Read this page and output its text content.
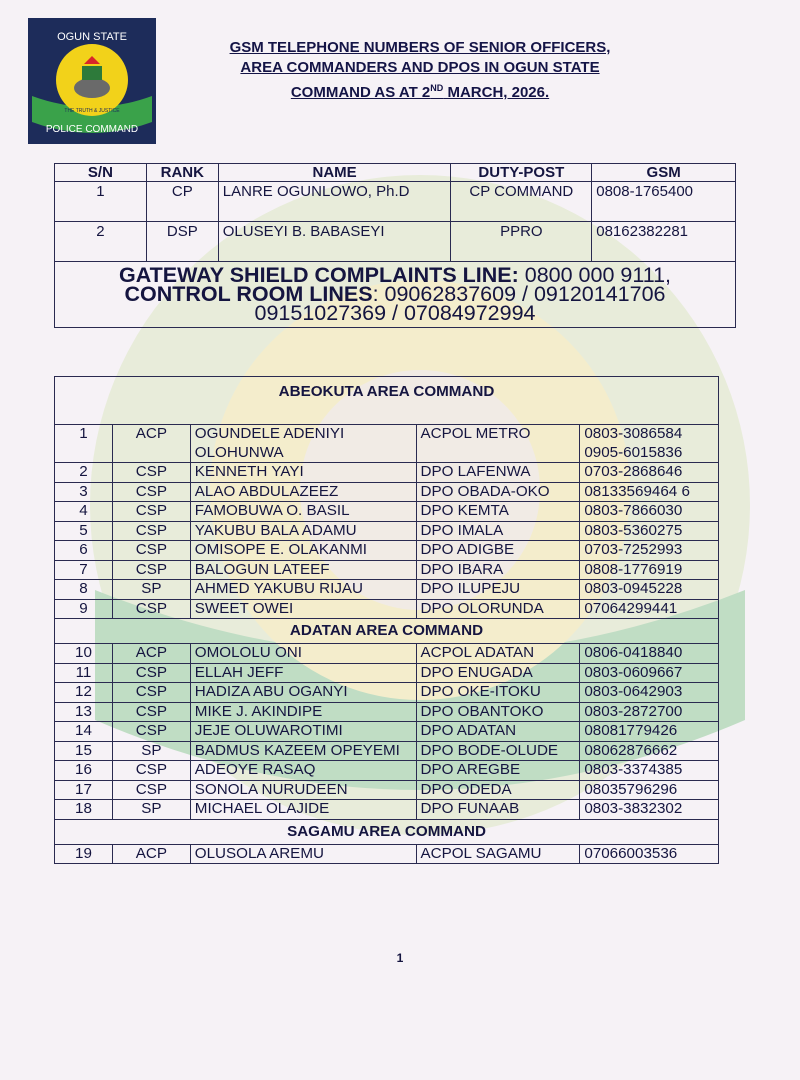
OGUN STATE
THE TRUTH & JUSTICE
POLICE COMMAND
GSM TELEPHONE NUMBERS OF SENIOR OFFICERS,
AREA COMMANDERS AND DPOS IN OGUN STATE
COMMAND AS AT 2ND MARCH, 2026.
S/N	RANK	NAME	DUTY-POST	GSM
1	CP	LANRE OGUNLOWO, Ph.D	CP COMMAND	0808-1765400
2	DSP	OLUSEYI B. BABASEYI	PPRO	08162382281

GATEWAY SHIELD COMPLAINTS LINE: 0800 000 9111,
CONTROL ROOM LINES: 09062837609 / 09120141706
09151027369 / 07084972994				
ABEOKUTA AREA COMMAND				
1	ACP	OGUNDELE ADENIYI OLOHUNWA	ACPOL METRO	0803-3086584
0905-6015836

2	CSP	KENNETH YAYI	DPO LAFENWA	0703-2868646
3	CSP	ALAO ABDULAZEEZ	DPO OBADA-OKO	08133569464 6
4	CSP	FAMOBUWA O. BASIL	DPO KEMTA	0803-7866030
5	CSP	YAKUBU BALA ADAMU	DPO IMALA	0803-5360275
6	CSP	OMISOPE E. OLAKANMI	DPO ADIGBE	0703-7252993
7	CSP	BALOGUN LATEEF	DPO IBARA	0808-1776919
8	SP	AHMED YAKUBU RIJAU	DPO ILUPEJU	0803-0945228
9	CSP	SWEET OWEI	DPO OLORUNDA	07064299441
ADATAN AREA COMMAND				
10	ACP	OMOLOLU ONI	ACPOL ADATAN	0806-0418840
11	CSP	ELLAH JEFF	DPO ENUGADA	0803-0609667
12	CSP	HADIZA ABU OGANYI	DPO OKE-ITOKU	0803-0642903
13	CSP	MIKE J. AKINDIPE	DPO OBANTOKO	0803-2872700
14	CSP	JEJE OLUWAROTIMI	DPO ADATAN	08081779426
15	SP	BADMUS KAZEEM OPEYEMI	DPO BODE-OLUDE	08062876662
16	CSP	ADEOYE RASAQ	DPO AREGBE	0803-3374385
17	CSP	SONOLA NURUDEEN	DPO ODEDA	08035796296
18	SP	MICHAEL OLAJIDE	DPO FUNAAB	0803-3832302
SAGAMU AREA COMMAND				
19	ACP	OLUSOLA AREMU	ACPOL SAGAMU	07066003536
1
